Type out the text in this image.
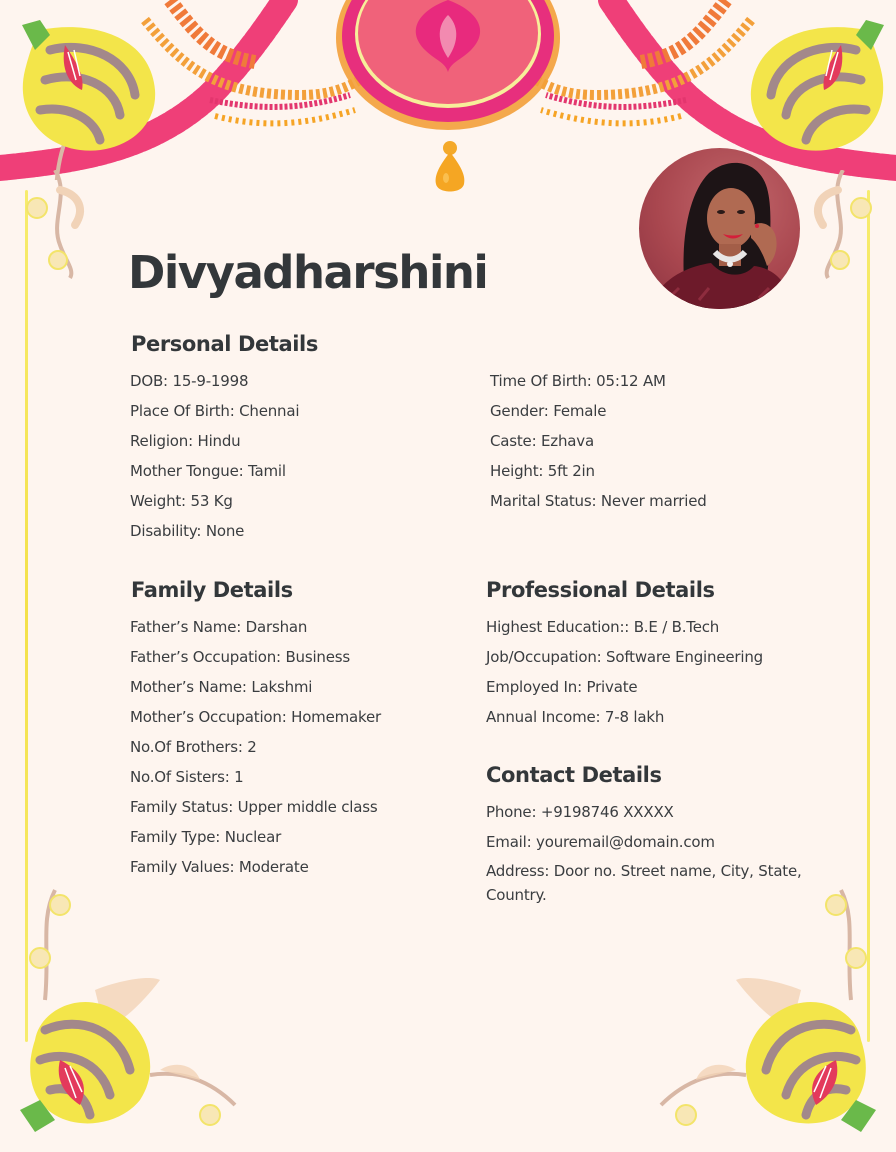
Divyadharshini
Personal Details
DOB: 15-9-1998
Place Of Birth: Chennai
Religion: Hindu
Mother Tongue: Tamil
Weight: 53 Kg
Disability: None
Time Of Birth: 05:12 AM
Gender: Female
Caste: Ezhava
Height: 5ft 2in
Marital Status: Never married
Family Details
Father’s Name: Darshan
Father’s Occupation: Business
Mother’s Name: Lakshmi
Mother’s Occupation: Homemaker
No.Of Brothers: 2
No.Of Sisters: 1
Family Status: Upper middle class
Family Type: Nuclear
Family Values: Moderate
Professional Details
Highest Education:: B.E / B.Tech
Job/Occupation: Software Engineering
Employed In: Private
Annual Income: 7-8 lakh
Contact Details
Phone: +9198746 XXXXX
Email: youremail@domain.com
Address: Door no. Street name, City, State, Country.
